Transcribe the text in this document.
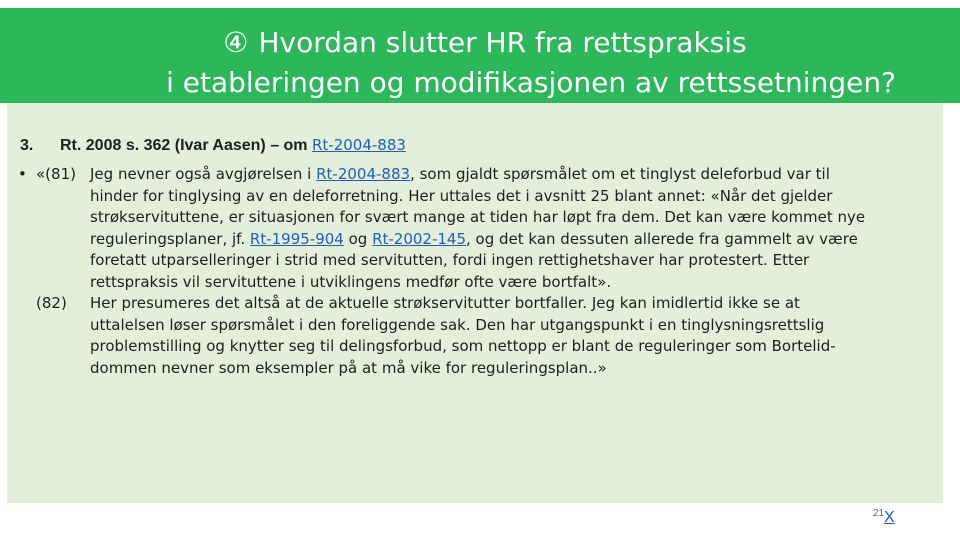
④ Hvordan slutter HR fra rettspraksis

i etableringen og modifikasjonen av rettssetningen?

3. Rt. 2008 s. 362 (Ivar Aasen) – om Rt-2004-883
• «(81) Jeg nevner også avgjørelsen i Rt-2004-883, som gjaldt spørsmålet om et tinglyst deleforbud var til
hinder for tinglysing av en deleforretning. Her uttales det i avsnitt 25 blant annet: «Når det gjelder
strøkservituttene, er situasjonen for svært mange at tiden har løpt fra dem. Det kan være kommet nye
reguleringsplaner, jf. Rt-1995-904 og Rt-2002-145, og det kan dessuten allerede fra gammelt av være
foretatt utparselleringer i strid med servitutten, fordi ingen rettighetshaver har protestert. Etter
rettspraksis vil servituttene i utviklingens medfør ofte være bortfalt».
(82) Her presumeres det altså at de aktuelle strøkservitutter bortfaller. Jeg kan imidlertid ikke se at
uttalelsen løser spørsmålet i den foreliggende sak. Den har utgangspunkt i en tinglysningsrettslig
problemstilling og knytter seg til delingsforbud, som nettopp er blant de reguleringer som Bortelid-
dommen nevner som eksempler på at må vike for reguleringsplan..»
21 X
